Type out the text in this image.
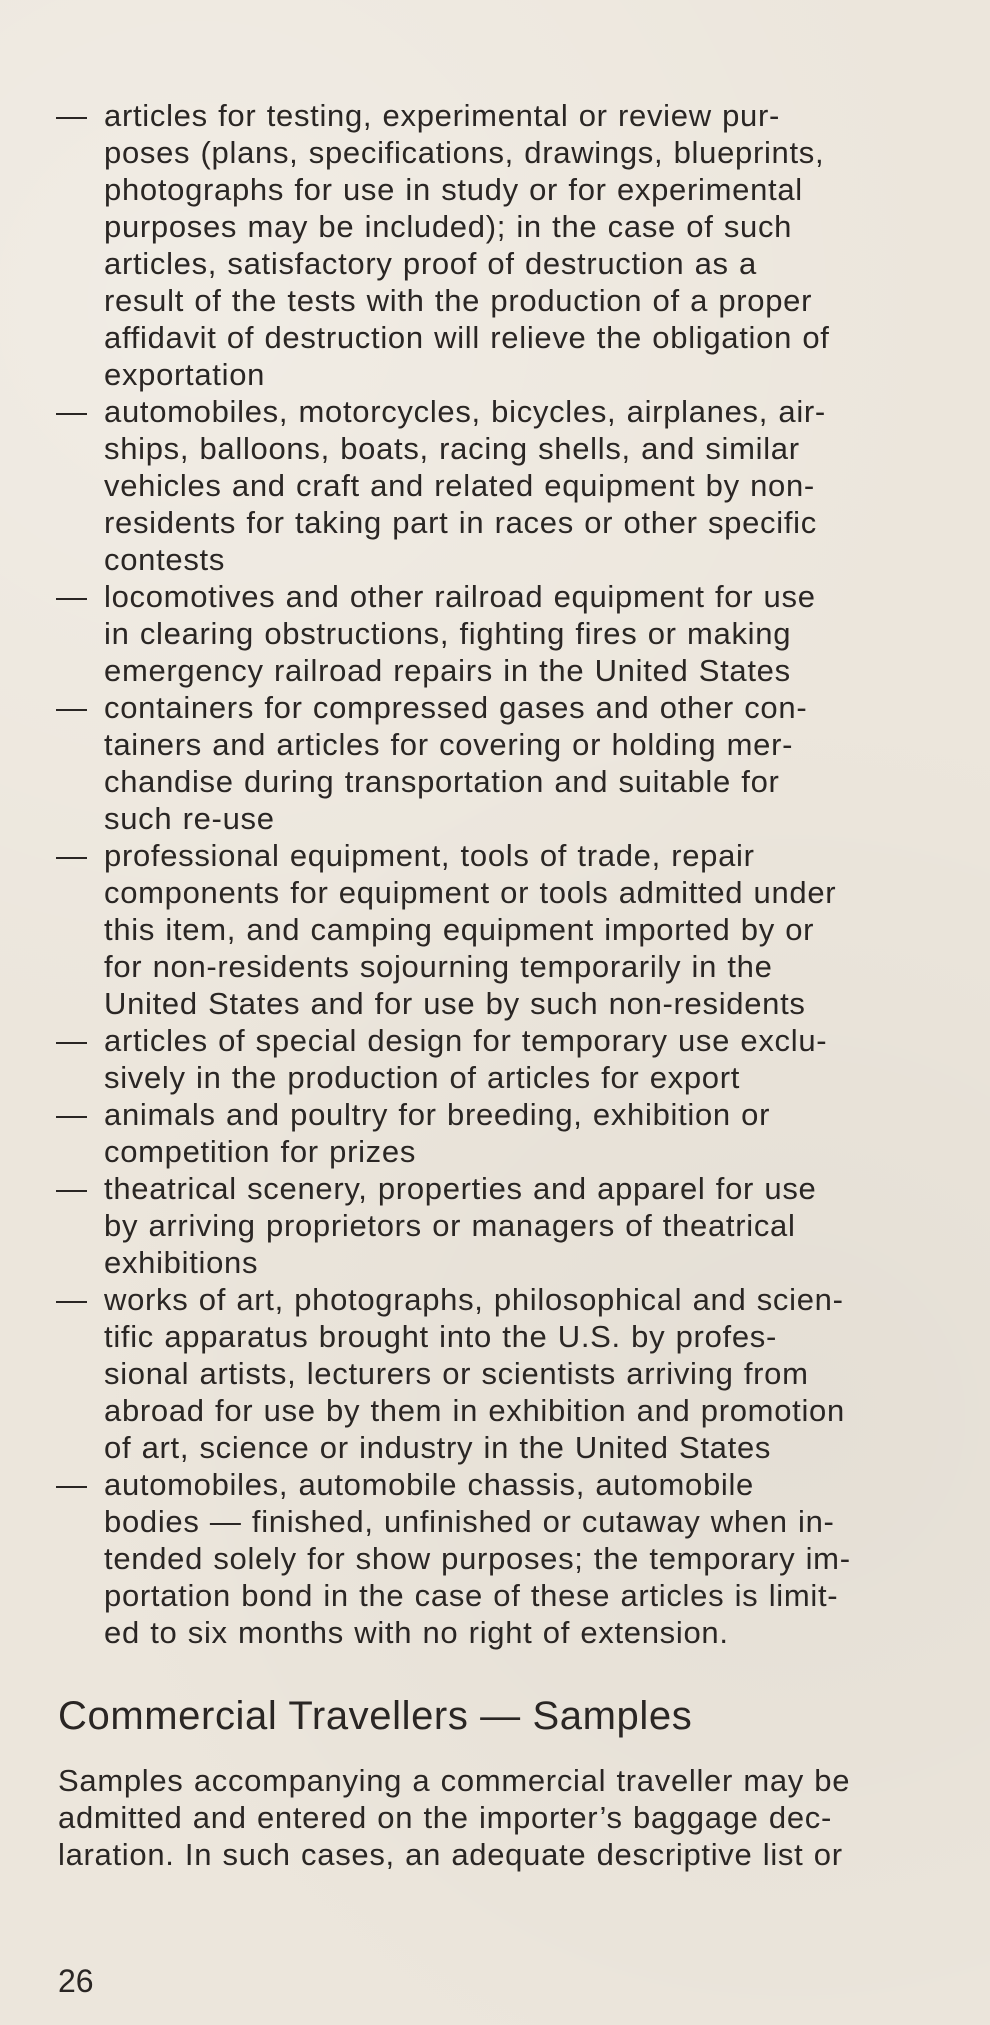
— articles for testing, experimental or review pur-
poses (plans, specifications, drawings, blueprints,
photographs for use in study or for experimental
purposes may be included); in the case of such
articles, satisfactory proof of destruction as a
result of the tests with the production of a proper
affidavit of destruction will relieve the obligation of
exportation
— automobiles, motorcycles, bicycles, airplanes, air-
ships, balloons, boats, racing shells, and similar
vehicles and craft and related equipment by non-
residents for taking part in races or other specific
contests
— locomotives and other railroad equipment for use
in clearing obstructions, fighting fires or making
emergency railroad repairs in the United States
— containers for compressed gases and other con-
tainers and articles for covering or holding mer-
chandise during transportation and suitable for
such re-use
— professional equipment, tools of trade, repair
components for equipment or tools admitted under
this item, and camping equipment imported by or
for non-residents sojourning temporarily in the
United States and for use by such non-residents
— articles of special design for temporary use exclu-
sively in the production of articles for export
— animals and poultry for breeding, exhibition or
competition for prizes
— theatrical scenery, properties and apparel for use
by arriving proprietors or managers of theatrical
exhibitions
— works of art, photographs, philosophical and scien-
tific apparatus brought into the U.S. by profes-
sional artists, lecturers or scientists arriving from
abroad for use by them in exhibition and promotion
of art, science or industry in the United States
— automobiles, automobile chassis, automobile
bodies — finished, unfinished or cutaway when in-
tended solely for show purposes; the temporary im-
portation bond in the case of these articles is limit-
ed to six months with no right of extension.
Commercial Travellers — Samples

Samples accompanying a commercial traveller may be
admitted and entered on the importer’s baggage dec-
laration. In such cases, an adequate descriptive list or

26
